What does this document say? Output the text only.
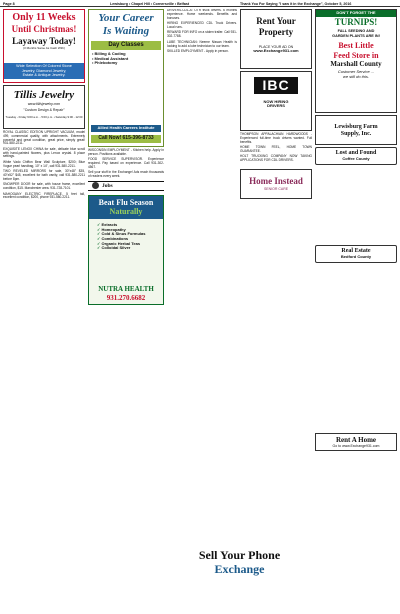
Page 8	Lewisburg • Chapel Hill • Cornersville • Belfast	Thank You For Saying "I saw it in the Exchange", October 5, 2016
Only 11 Weeks
Until Christmas!
Layaway Today!
(3 Months Same As Cash With)
Wide Selection Of Colored Stone
Jewelry, Diamond Jewelry,
Estate & Antique Jewelry.
Tillis Jewelry
www.tillisjewelry.com
"Custom Design & Repair"
Tuesday - Friday 9:00 a.m. - 5:00 p.m. • Saturday 9:00 - 12:00

ROYAL CLASSIC EDITION UPRIGHT VACUUM, model 499, commercial quality, with attachments. Extremely powerful and great condition, great price, simply great! 931-580-2211.

EXQUISITE LENOX CHINA for sale, delicate blue scroll with hand-painted flowers, plus Lenox crystal. 8 place settings.

White Vado Chiffon Bear Wall Sculpture, $200; Blue Vogue pearl handbag, 10" x 14", call 931-580-2211.

TWO REVELED MIRRORS for sale, 30"x48" $35, 40"x52" $45, excellent for bath vanity, call 931-580-2211 before 8pm.

SNOWPER DOOR for sale, with house frame, excellent condition, $15. Manchester area. 931-728-7101.

MAHOGANY ELECTRIC FIREPLACE, 5 feet tall, excellent condition, $200, phone 931-580-2211.

Your Career
Is Waiting
Day Classes
• Billing & Coding
• Medical Assistant
• Phlebotomy
Allied Health Careers Institute
Call Now! 615-396-8733

WISCONSIN EMPLOYMENT - Kitchen help. Apply in person. Positions available.

FOOD SERVICE SUPERVISOR. Experience required. Pay based on experience. Call 931-302-4567.

Sell your stuff in the Exchange! Ads reach thousands of readers every week.

Jobs
Beat Flu Season
Naturally
✓ Extracts
✓ Homeopathy
✓ Cold & Sinus Formulas
✓ Combinations
✓ Organic Herbal Teas
✓ Colloidal Silver
NUTRA HEALTH
931.270.6682

DRIVERS-CDL-A: OTR truck drivers. 6 months experience. Home weekends. Benefits and bonuses.

HIRING EXPERIENCED CDL Truck Drivers. Local runs.

REWARD FOR INFO on a stolen trailer. Call 931-302-7788.

LUBE TECHNICIAN: Neeme Nissan Health is looking to add a lube technician to our team.

SKILLED EMPLOYMENT - Apply in person.

Rent Your
Property
PLACE YOUR AD ON
www.Exchange931.com
IBC
NOW HIRING
DRIVERS

THOMPSON APPALACHIAN HARDWOODS - Experienced full-time truck drivers wanted. Full benefits.

HOME TOWN FEEL, HOME TOWN GUARANTEE.

HOLT TRUCKING COMPANY NOW TAKING APPLICATIONS FOR CDL DRIVERS.

Home Instead
SENIOR CARE
Sell Your Phone
Exchange
DON'T FORGET THE
TURNIPS!
FALL SEEDING AND
GARDEN PLANTS ARE IN!
Best Little
Feed Store in
Marshall County
Customer Service ...
we still do this.
Lewisburg Farm
Supply, Inc.
Lost and Found
Coffee County
Real Estate
Bedford County
Rent A Home
Go to www.Exchange931.com
